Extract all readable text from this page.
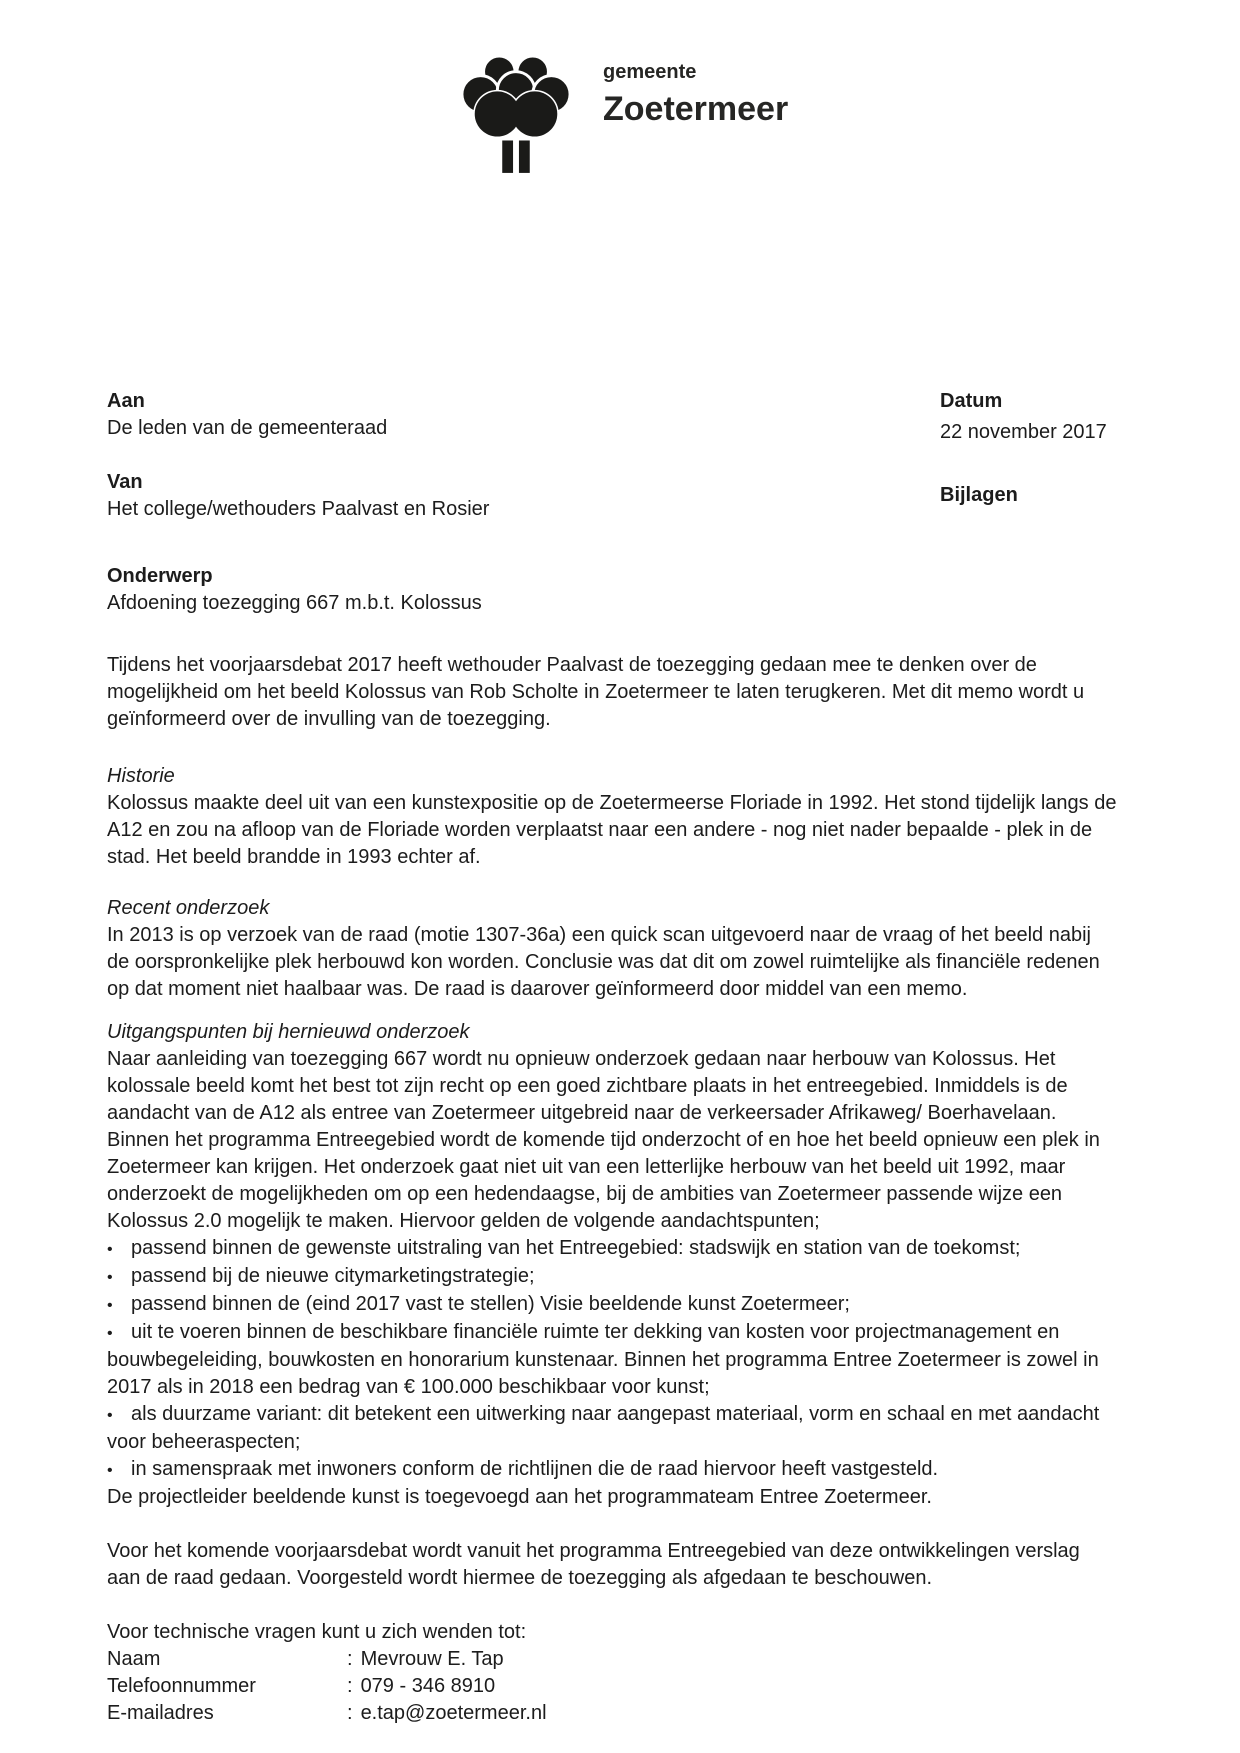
gemeente
Zoetermeer
Aan
De leden van de gemeenteraad
Van
Het college/wethouders Paalvast en Rosier
Datum
22 november 2017
Bijlagen
Onderwerp
Afdoening toezegging 667 m.b.t. Kolossus

Tijdens het voorjaarsdebat 2017 heeft wethouder Paalvast de toezegging gedaan mee te denken over de mogelijkheid om het beeld Kolossus van Rob Scholte in Zoetermeer te laten terugkeren. Met dit memo wordt u geïnformeerd over de invulling van de toezegging.

Historie

Kolossus maakte deel uit van een kunstexpositie op de Zoetermeerse Floriade in 1992. Het stond tijdelijk langs de A12 en zou na afloop van de Floriade worden verplaatst naar een andere - nog niet nader bepaalde - plek in de stad. Het beeld brandde in 1993 echter af.

Recent onderzoek

In 2013 is op verzoek van de raad (motie 1307-36a) een quick scan uitgevoerd naar de vraag of het beeld nabij de oorspronkelijke plek herbouwd kon worden. Conclusie was dat dit om zowel ruimtelijke als financiële redenen op dat moment niet haalbaar was. De raad is daarover geïnformeerd door middel van een memo.

Uitgangspunten bij hernieuwd onderzoek

Naar aanleiding van toezegging 667 wordt nu opnieuw onderzoek gedaan naar herbouw van Kolossus. Het kolossale beeld komt het best tot zijn recht op een goed zichtbare plaats in het entreegebied. Inmiddels is de aandacht van de A12 als entree van Zoetermeer uitgebreid naar de verkeersader Afrikaweg/ Boerhavelaan. Binnen het programma Entreegebied wordt de komende tijd onderzocht of en hoe het beeld opnieuw een plek in Zoetermeer kan krijgen. Het onderzoek gaat niet uit van een letterlijke herbouw van het beeld uit 1992, maar onderzoekt de mogelijkheden om op een hedendaagse, bij de ambities van Zoetermeer passende wijze een Kolossus 2.0 mogelijk te maken. Hiervoor gelden de volgende aandachtspunten;

• passend binnen de gewenste uitstraling van het Entreegebied: stadswijk en station van de toekomst;
• passend bij de nieuwe citymarketingstrategie;
• passend binnen de (eind 2017 vast te stellen) Visie beeldende kunst Zoetermeer;
• uit te voeren binnen de beschikbare financiële ruimte ter dekking van kosten voor projectmanagement en bouwbegeleiding, bouwkosten en honorarium kunstenaar. Binnen het programma Entree Zoetermeer is zowel in 2017 als in 2018 een bedrag van € 100.000 beschikbaar voor kunst;
• als duurzame variant: dit betekent een uitwerking naar aangepast materiaal, vorm en schaal en met aandacht voor beheeraspecten;
• in samenspraak met inwoners conform de richtlijnen die de raad hiervoor heeft vastgesteld.

De projectleider beeldende kunst is toegevoegd aan het programmateam Entree Zoetermeer.

Voor het komende voorjaarsdebat wordt vanuit het programma Entreegebied van deze ontwikkelingen verslag aan de raad gedaan. Voorgesteld wordt hiermee de toezegging als afgedaan te beschouwen.

Voor technische vragen kunt u zich wenden tot:
Naam	: Mevrouw E. Tap
Telefoonnummer	: 079 - 346 8910
E-mailadres	: e.tap@zoetermeer.nl
